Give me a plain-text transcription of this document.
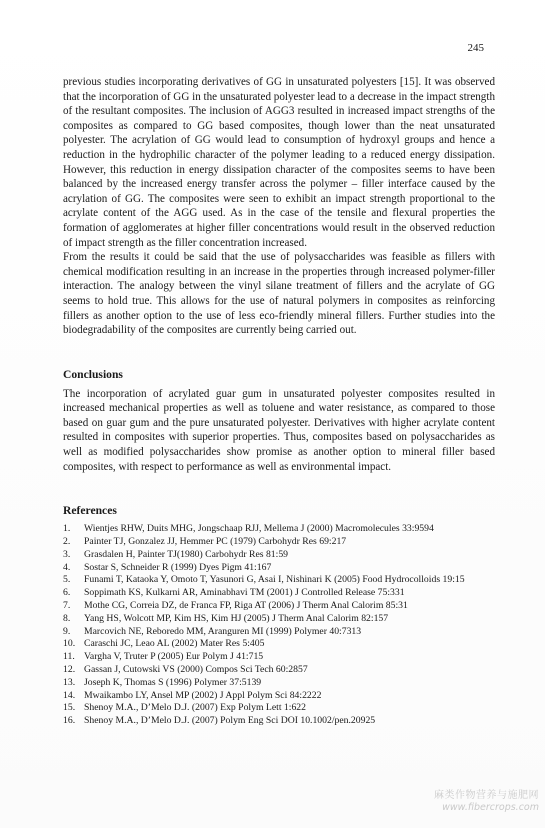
245

previous studies incorporating derivatives of GG in unsaturated polyesters [15]. It was observed that the incorporation of GG in the unsaturated polyester lead to a decrease in the impact strength of the resultant composites. The inclusion of AGG3 resulted in increased impact strengths of the composites as compared to GG based composites, though lower than the neat unsaturated polyester. The acrylation of GG would lead to consumption of hydroxyl groups and hence a reduction in the hydrophilic character of the polymer leading to a reduced energy dissipation. However, this reduction in energy dissipation character of the composites seems to have been balanced by the increased energy transfer across the polymer – filler interface caused by the acrylation of GG. The composites were seen to exhibit an impact strength proportional to the acrylate content of the AGG used. As in the case of the tensile and flexural properties the formation of agglomerates at higher filler concentrations would result in the observed reduction of impact strength as the filler concentration increased.

From the results it could be said that the use of polysaccharides was feasible as fillers with chemical modification resulting in an increase in the properties through increased polymer-filler interaction. The analogy between the vinyl silane treatment of fillers and the acrylate of GG seems to hold true. This allows for the use of natural polymers in composites as reinforcing fillers as another option to the use of less eco-friendly mineral fillers. Further studies into the biodegradability of the composites are currently being carried out.

Conclusions

The incorporation of acrylated guar gum in unsaturated polyester composites resulted in increased mechanical properties as well as toluene and water resistance, as compared to those based on guar gum and the pure unsaturated polyester. Derivatives with higher acrylate content resulted in composites with superior properties. Thus, composites based on polysaccharides as well as modified polysaccharides show promise as another option to mineral filler based composites, with respect to performance as well as environmental impact.

References
1. Wientjes RHW, Duits MHG, Jongschaap RJJ, Mellema J (2000) Macromolecules 33:9594
2. Painter TJ, Gonzalez JJ, Hemmer PC (1979) Carbohydr Res 69:217
3. Grasdalen H, Painter TJ(1980) Carbohydr Res 81:59
4. Sostar S, Schneider R (1999) Dyes Pigm 41:167
5. Funami T, Kataoka Y, Omoto T, Yasunori G, Asai I, Nishinari K (2005) Food Hydrocolloids 19:15
6. Soppimath KS, Kulkarni AR, Aminabhavi TM (2001) J Controlled Release 75:331
7. Mothe CG, Correia DZ, de Franca FP, Riga AT (2006) J Therm Anal Calorim 85:31
8. Yang HS, Wolcott MP, Kim HS, Kim HJ (2005) J Therm Anal Calorim 82:157
9. Marcovich NE, Reboredo MM, Aranguren MI (1999) Polymer 40:7313
10. Caraschi JC, Leao AL (2002) Mater Res 5:405
11. Vargha V, Truter P (2005) Eur Polym J 41:715
12. Gassan J, Cutowski VS (2000) Compos Sci Tech 60:2857
13. Joseph K, Thomas S (1996) Polymer 37:5139
14. Mwaikambo LY, Ansel MP (2002) J Appl Polym Sci 84:2222
15. Shenoy M.A., D’Melo D.J. (2007) Exp Polym Lett 1:622
16. Shenoy M.A., D’Melo D.J. (2007) Polym Eng Sci DOI 10.1002/pen.20925
麻类作物营养与施肥网
www.fibercrops.com
